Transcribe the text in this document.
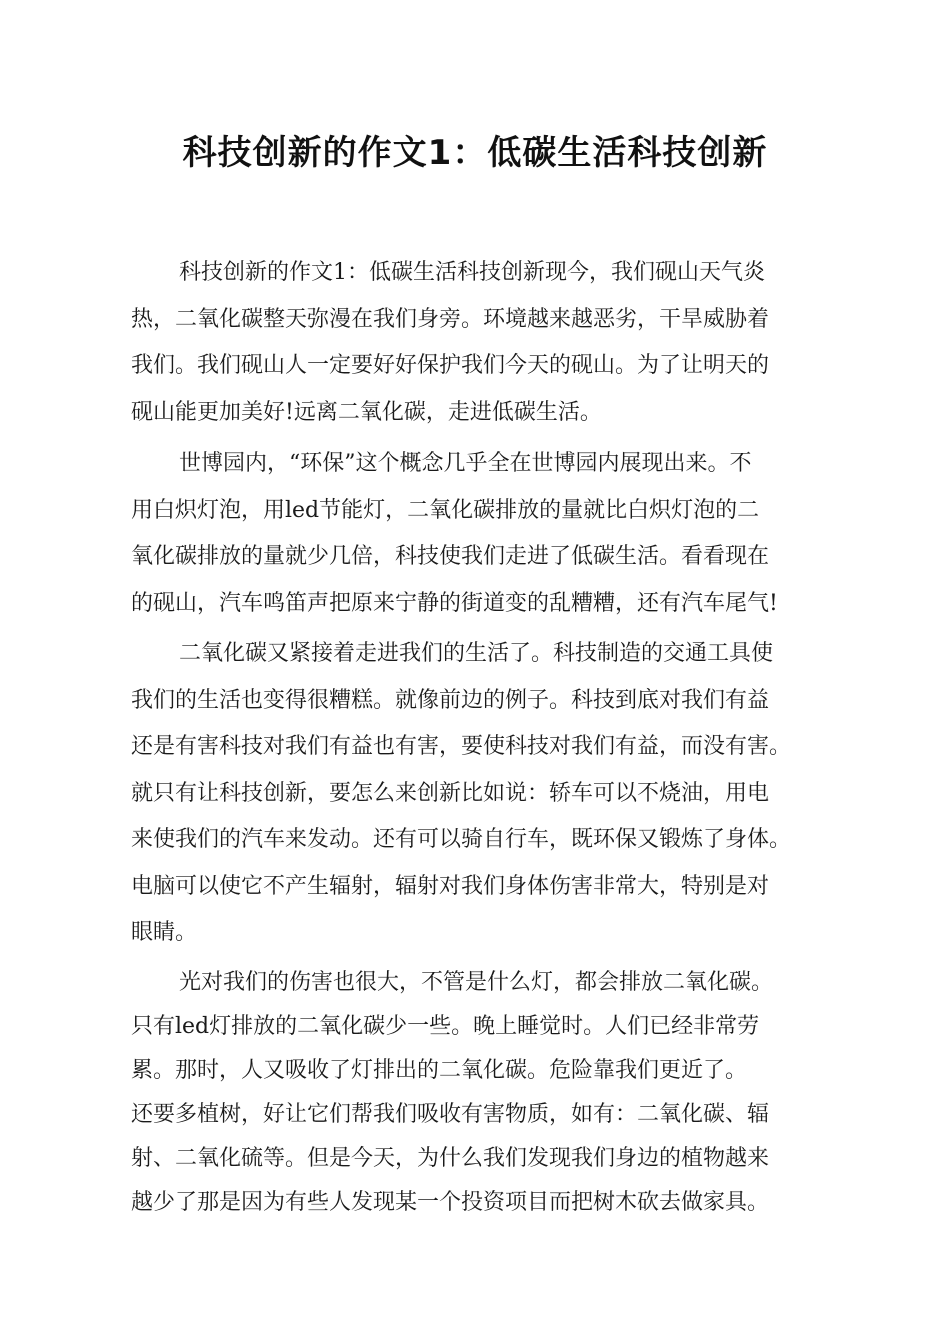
科技创新的作文1：低碳生活科技创新

科技创新的作文1：低碳生活科技创新现今，我们砚山天气炎
热，二氧化碳整天弥漫在我们身旁。环境越来越恶劣，干旱威胁着
我们。我们砚山人一定要好好保护我们今天的砚山。为了让明天的
砚山能更加美好!远离二氧化碳，走进低碳生活。

世博园内，“环保”这个概念几乎全在世博园内展现出来。不
用白炽灯泡，用led节能灯，二氧化碳排放的量就比白炽灯泡的二
氧化碳排放的量就少几倍，科技使我们走进了低碳生活。看看现在
的砚山，汽车鸣笛声把原来宁静的街道变的乱糟糟，还有汽车尾气!

二氧化碳又紧接着走进我们的生活了。科技制造的交通工具使
我们的生活也变得很糟糕。就像前边的例子。科技到底对我们有益
还是有害科技对我们有益也有害，要使科技对我们有益，而没有害。
就只有让科技创新，要怎么来创新比如说：轿车可以不烧油，用电
来使我们的汽车来发动。还有可以骑自行车，既环保又锻炼了身体。
电脑可以使它不产生辐射，辐射对我们身体伤害非常大，特别是对
眼睛。

光对我们的伤害也很大，不管是什么灯，都会排放二氧化碳。
只有led灯排放的二氧化碳少一些。晚上睡觉时。人们已经非常劳
累。那时，人又吸收了灯排出的二氧化碳。危险靠我们更近了。
还要多植树，好让它们帮我们吸收有害物质，如有：二氧化碳、辐
射、二氧化硫等。但是今天，为什么我们发现我们身边的植物越来
越少了那是因为有些人发现某一个投资项目而把树木砍去做家具。
